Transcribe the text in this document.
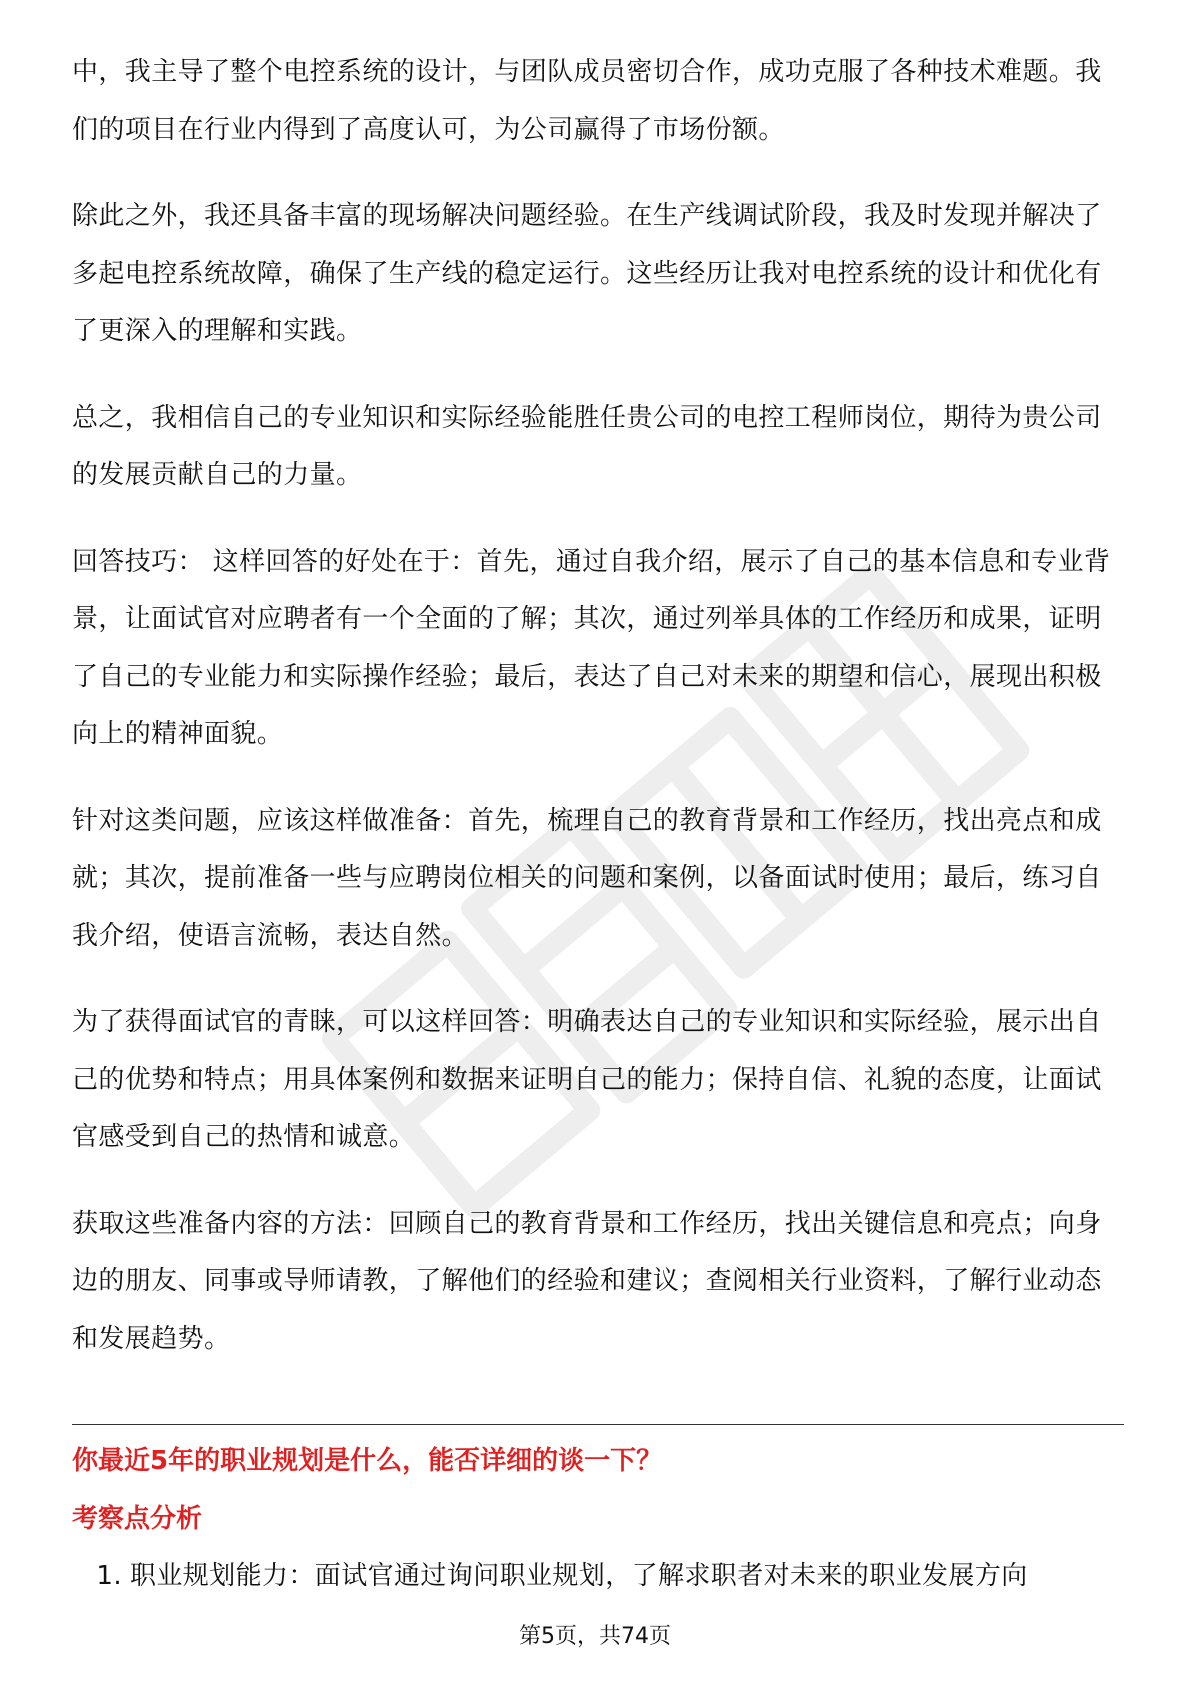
中，我主导了整个电控系统的设计，与团队成员密切合作，成功克服了各种技术难题。我们的项目在行业内得到了高度认可，为公司赢得了市场份额。

除此之外，我还具备丰富的现场解决问题经验。在生产线调试阶段，我及时发现并解决了多起电控系统故障，确保了生产线的稳定运行。这些经历让我对电控系统的设计和优化有了更深入的理解和实践。

总之，我相信自己的专业知识和实际经验能胜任贵公司的电控工程师岗位，期待为贵公司的发展贡献自己的力量。

回答技巧： 这样回答的好处在于：首先，通过自我介绍，展示了自己的基本信息和专业背景，让面试官对应聘者有一个全面的了解；其次，通过列举具体的工作经历和成果，证明了自己的专业能力和实际操作经验；最后，表达了自己对未来的期望和信心，展现出积极向上的精神面貌。

针对这类问题，应该这样做准备：首先，梳理自己的教育背景和工作经历，找出亮点和成就；其次，提前准备一些与应聘岗位相关的问题和案例，以备面试时使用；最后，练习自我介绍，使语言流畅，表达自然。

为了获得面试官的青睐，可以这样回答：明确表达自己的专业知识和实际经验，展示出自己的优势和特点；用具体案例和数据来证明自己的能力；保持自信、礼貌的态度，让面试官感受到自己的热情和诚意。

获取这些准备内容的方法：回顾自己的教育背景和工作经历，找出关键信息和亮点；向身边的朋友、同事或导师请教，了解他们的经验和建议；查阅相关行业资料，了解行业动态和发展趋势。

你最近5年的职业规划是什么，能否详细的谈一下？
考察点分析
1. 职业规划能力：面试官通过询问职业规划，了解求职者对未来的职业发展方向
第5页，共74页
